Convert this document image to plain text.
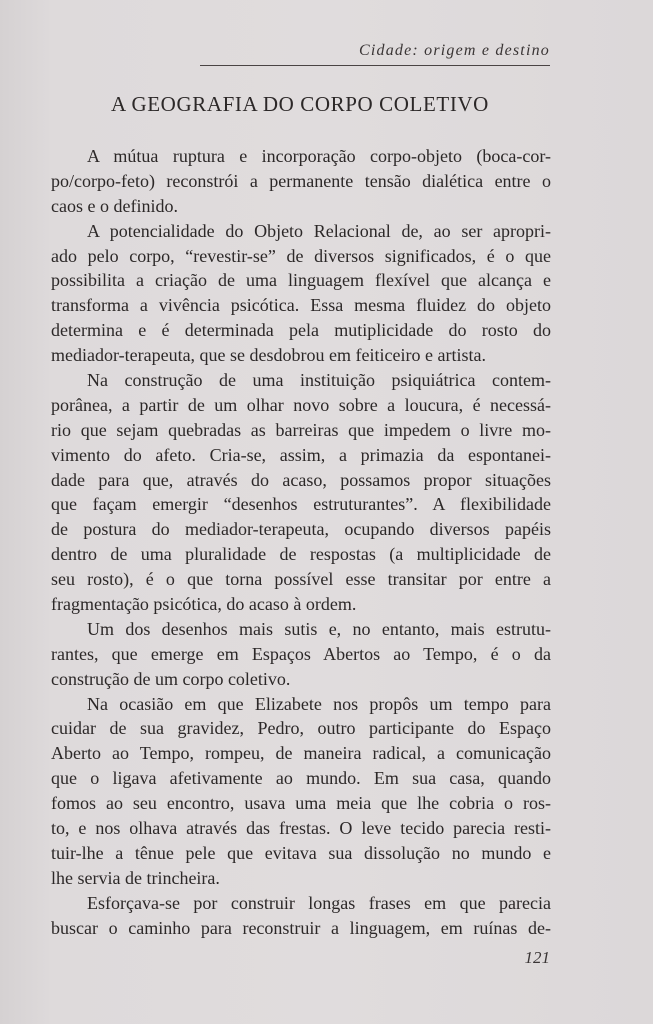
Cidade: origem e destino
A GEOGRAFIA DO CORPO COLETIVO
A mútua ruptura e incorporação corpo-objeto (boca-cor-
po/corpo-feto) reconstrói a permanente tensão dialética entre o
caos e o definido.
A potencialidade do Objeto Relacional de, ao ser apropri-
ado pelo corpo, “revestir-se” de diversos significados, é o que
possibilita a criação de uma linguagem flexível que alcança e
transforma a vivência psicótica. Essa mesma fluidez do objeto
determina e é determinada pela mutiplicidade do rosto do
mediador-terapeuta, que se desdobrou em feiticeiro e artista.
Na construção de uma instituição psiquiátrica contem-
porânea, a partir de um olhar novo sobre a loucura, é necessá-
rio que sejam quebradas as barreiras que impedem o livre mo-
vimento do afeto. Cria-se, assim, a primazia da espontanei-
dade para que, através do acaso, possamos propor situações
que façam emergir “desenhos estruturantes”. A flexibilidade
de postura do mediador-terapeuta, ocupando diversos papéis
dentro de uma pluralidade de respostas (a multiplicidade de
seu rosto), é o que torna possível esse transitar por entre a
fragmentação psicótica, do acaso à ordem.
Um dos desenhos mais sutis e, no entanto, mais estrutu-
rantes, que emerge em Espaços Abertos ao Tempo, é o da
construção de um corpo coletivo.
Na ocasião em que Elizabete nos propôs um tempo para
cuidar de sua gravidez, Pedro, outro participante do Espaço
Aberto ao Tempo, rompeu, de maneira radical, a comunicação
que o ligava afetivamente ao mundo. Em sua casa, quando
fomos ao seu encontro, usava uma meia que lhe cobria o ros-
to, e nos olhava através das frestas. O leve tecido parecia resti-
tuir-lhe a tênue pele que evitava sua dissolução no mundo e
lhe servia de trincheira.
Esforçava-se por construir longas frases em que parecia
buscar o caminho para reconstruir a linguagem, em ruínas de-
121
